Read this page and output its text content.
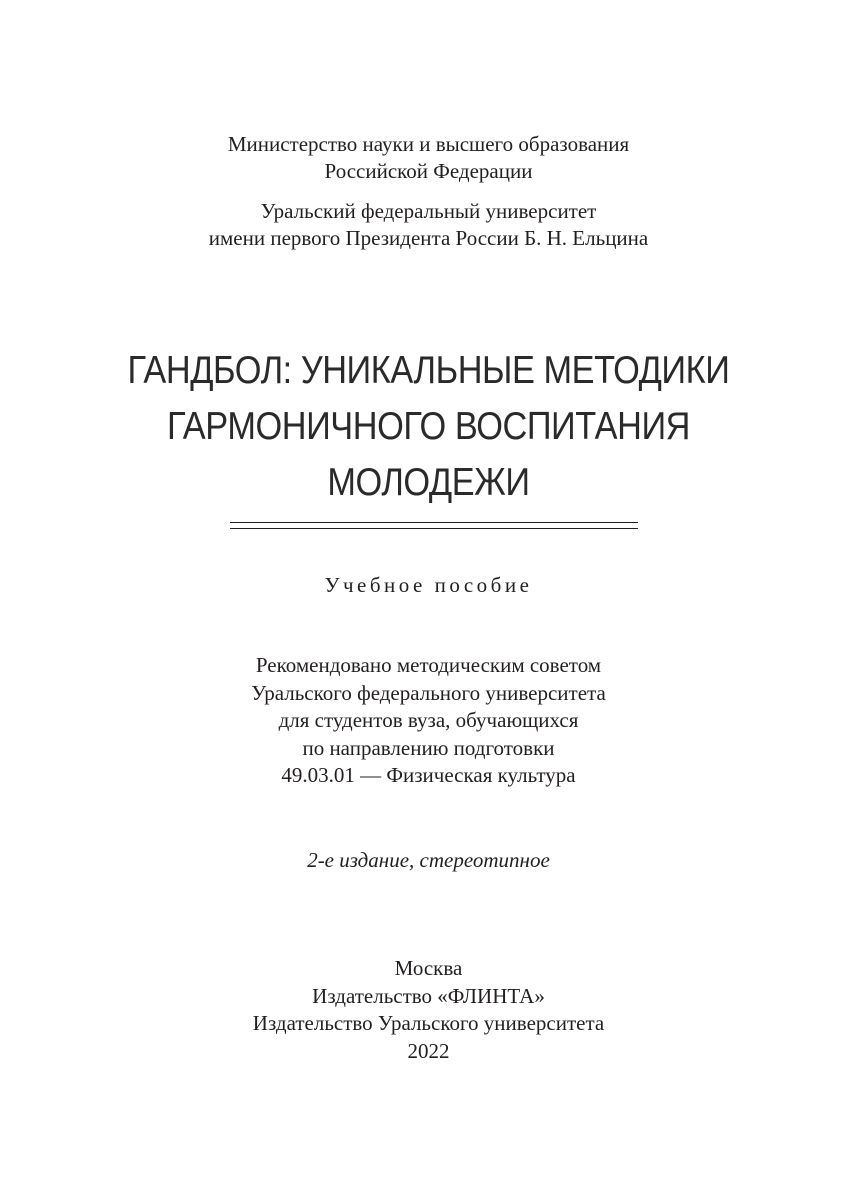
Министерство науки и высшего образования
Российской Федерации
Уральский федеральный университет
имени первого Президента России Б. Н. Ельцина
ГАНДБОЛ: УНИКАЛЬНЫЕ МЕТОДИКИ
ГАРМОНИЧНОГО ВОСПИТАНИЯ
МОЛОДЕЖИ
Учебное пособие
Рекомендовано методическим советом
Уральского федерального университета
для студентов вуза, обучающихся
по направлению подготовки
49.03.01 — Физическая культура
2-е издание, стереотипное
Москва
Издательство «ФЛИНТА»
Издательство Уральского университета
2022
